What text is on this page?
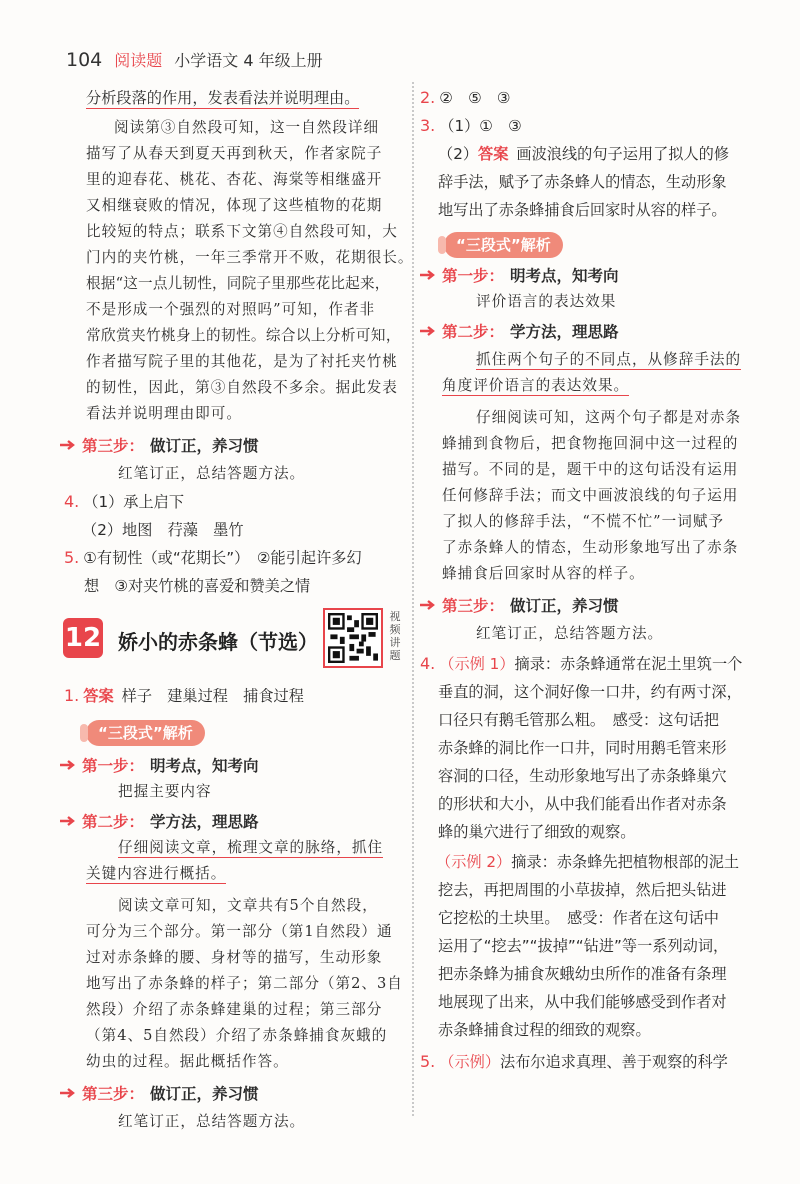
104 阅读题 小学语文 4 年级上册
分析段落的作用，发表看法并说明理由。
阅读第③自然段可知，这一自然段详细
描写了从春天到夏天再到秋天，作者家院子
里的迎春花、桃花、杏花、海棠等相继盛开
又相继衰败的情况，体现了这些植物的花期
比较短的特点；联系下文第④自然段可知，大
门内的夹竹桃，一年三季常开不败，花期很长。
根据“这一点儿韧性，同院子里那些花比起来，
不是形成一个强烈的对照吗”可知，作者非
常欣赏夹竹桃身上的韧性。综合以上分析可知，
作者描写院子里的其他花，是为了衬托夹竹桃
的韧性，因此，第③自然段不多余。据此发表
看法并说明理由即可。
第三步： 做订正，养习惯
红笔订正，总结答题方法。
4. （1）承上启下
（2）地图　荇藻　墨竹
5. ①有韧性（或“花期长”）　②能引起许多幻
想　③对夹竹桃的喜爱和赞美之情
12 娇小的赤条蜂（节选）
视频讲题
1. 答案 样子　建巢过程　捕食过程
“三段式”解析
第一步： 明考点，知考向
把握主要内容
第二步： 学方法，理思路
仔细阅读文章，梳理文章的脉络，抓住
关键内容进行概括。
阅读文章可知，文章共有5个自然段，
可分为三个部分。第一部分（第1自然段）通
过对赤条蜂的腰、身材等的描写，生动形象
地写出了赤条蜂的样子；第二部分（第2、3自
然段）介绍了赤条蜂建巢的过程；第三部分
（第4、5自然段）介绍了赤条蜂捕食灰蛾的
幼虫的过程。据此概括作答。
第三步： 做订正，养习惯
红笔订正，总结答题方法。
2. ②　⑤　③
3. （1）①　③
（2）答案 画波浪线的句子运用了拟人的修
辞手法，赋予了赤条蜂人的情态，生动形象
地写出了赤条蜂捕食后回家时从容的样子。
“三段式”解析
第一步： 明考点，知考向
评价语言的表达效果
第二步： 学方法，理思路
抓住两个句子的不同点，从修辞手法的
角度评价语言的表达效果。
仔细阅读可知，这两个句子都是对赤条
蜂捕到食物后，把食物拖回洞中这一过程的
描写。不同的是，题干中的这句话没有运用
任何修辞手法；而文中画波浪线的句子运用
了拟人的修辞手法，“不慌不忙”一词赋予
了赤条蜂人的情态，生动形象地写出了赤条
蜂捕食后回家时从容的样子。
第三步： 做订正，养习惯
红笔订正，总结答题方法。
4. （示例 1）摘录：赤条蜂通常在泥土里筑一个
垂直的洞，这个洞好像一口井，约有两寸深，
口径只有鹅毛管那么粗。　感受：这句话把
赤条蜂的洞比作一口井，同时用鹅毛管来形
容洞的口径，生动形象地写出了赤条蜂巢穴
的形状和大小，从中我们能看出作者对赤条
蜂的巢穴进行了细致的观察。
（示例 2）摘录：赤条蜂先把植物根部的泥土
挖去，再把周围的小草拔掉，然后把头钻进
它挖松的土块里。　感受：作者在这句话中
运用了“挖去”“拔掉”“钻进”等一系列动词，
把赤条蜂为捕食灰蛾幼虫所作的准备有条理
地展现了出来，从中我们能够感受到作者对
赤条蜂捕食过程的细致的观察。
5. （示例）法布尔追求真理、善于观察的科学
